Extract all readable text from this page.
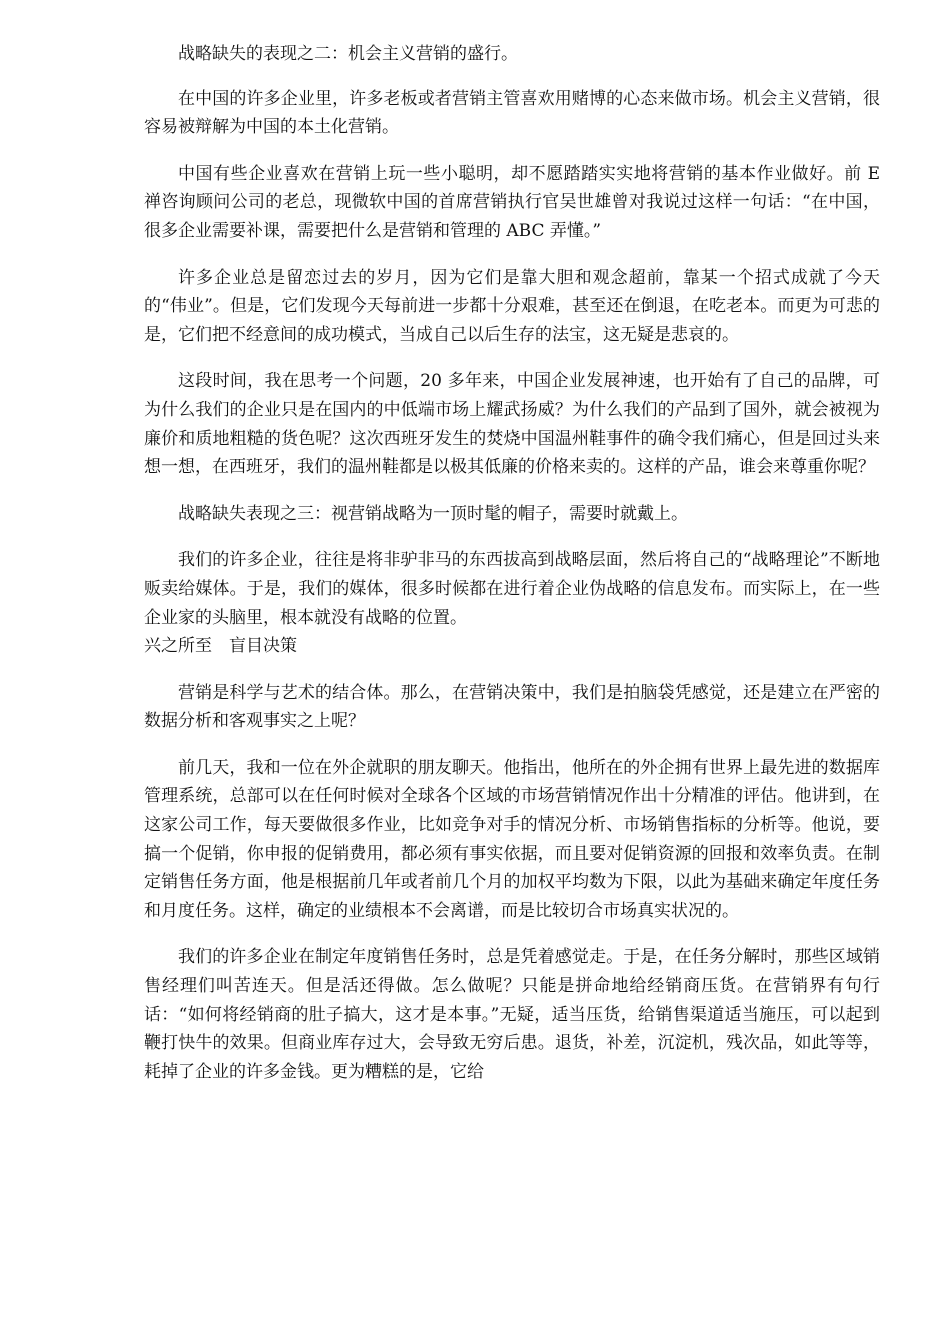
战略缺失的表现之二：机会主义营销的盛行。

在中国的许多企业里，许多老板或者营销主管喜欢用赌博的心态来做市场。机会主义营销，很容易被辩解为中国的本土化营销。

中国有些企业喜欢在营销上玩一些小聪明，却不愿踏踏实实地将营销的基本作业做好。前 E 禅咨询顾问公司的老总，现微软中国的首席营销执行官吴世雄曾对我说过这样一句话：“在中国，很多企业需要补课，需要把什么是营销和管理的 ABC 弄懂。”

许多企业总是留恋过去的岁月，因为它们是靠大胆和观念超前，靠某一个招式成就了今天的“伟业”。但是，它们发现今天每前进一步都十分艰难，甚至还在倒退，在吃老本。而更为可悲的是，它们把不经意间的成功模式，当成自己以后生存的法宝，这无疑是悲哀的。

这段时间，我在思考一个问题，20 多年来，中国企业发展神速，也开始有了自己的品牌，可为什么我们的企业只是在国内的中低端市场上耀武扬威？为什么我们的产品到了国外，就会被视为廉价和质地粗糙的货色呢？这次西班牙发生的焚烧中国温州鞋事件的确令我们痛心，但是回过头来想一想，在西班牙，我们的温州鞋都是以极其低廉的价格来卖的。这样的产品，谁会来尊重你呢？

战略缺失表现之三：视营销战略为一顶时髦的帽子，需要时就戴上。

我们的许多企业，往往是将非驴非马的东西拔高到战略层面，然后将自己的“战略理论”不断地贩卖给媒体。于是，我们的媒体，很多时候都在进行着企业伪战略的信息发布。而实际上，在一些企业家的头脑里，根本就没有战略的位置。

兴之所至　盲目决策

营销是科学与艺术的结合体。那么，在营销决策中，我们是拍脑袋凭感觉，还是建立在严密的数据分析和客观事实之上呢？

前几天，我和一位在外企就职的朋友聊天。他指出，他所在的外企拥有世界上最先进的数据库管理系统，总部可以在任何时候对全球各个区域的市场营销情况作出十分精准的评估。他讲到，在这家公司工作，每天要做很多作业，比如竞争对手的情况分析、市场销售指标的分析等。他说，要搞一个促销，你申报的促销费用，都必须有事实依据，而且要对促销资源的回报和效率负责。在制定销售任务方面，他是根据前几年或者前几个月的加权平均数为下限，以此为基础来确定年度任务和月度任务。这样，确定的业绩根本不会离谱，而是比较切合市场真实状况的。

我们的许多企业在制定年度销售任务时，总是凭着感觉走。于是，在任务分解时，那些区域销售经理们叫苦连天。但是活还得做。怎么做呢？只能是拼命地给经销商压货。在营销界有句行话：“如何将经销商的肚子搞大，这才是本事。”无疑，适当压货，给销售渠道适当施压，可以起到鞭打快牛的效果。但商业库存过大，会导致无穷后患。退货，补差，沉淀机，残次品，如此等等，耗掉了企业的许多金钱。更为糟糕的是，它给
